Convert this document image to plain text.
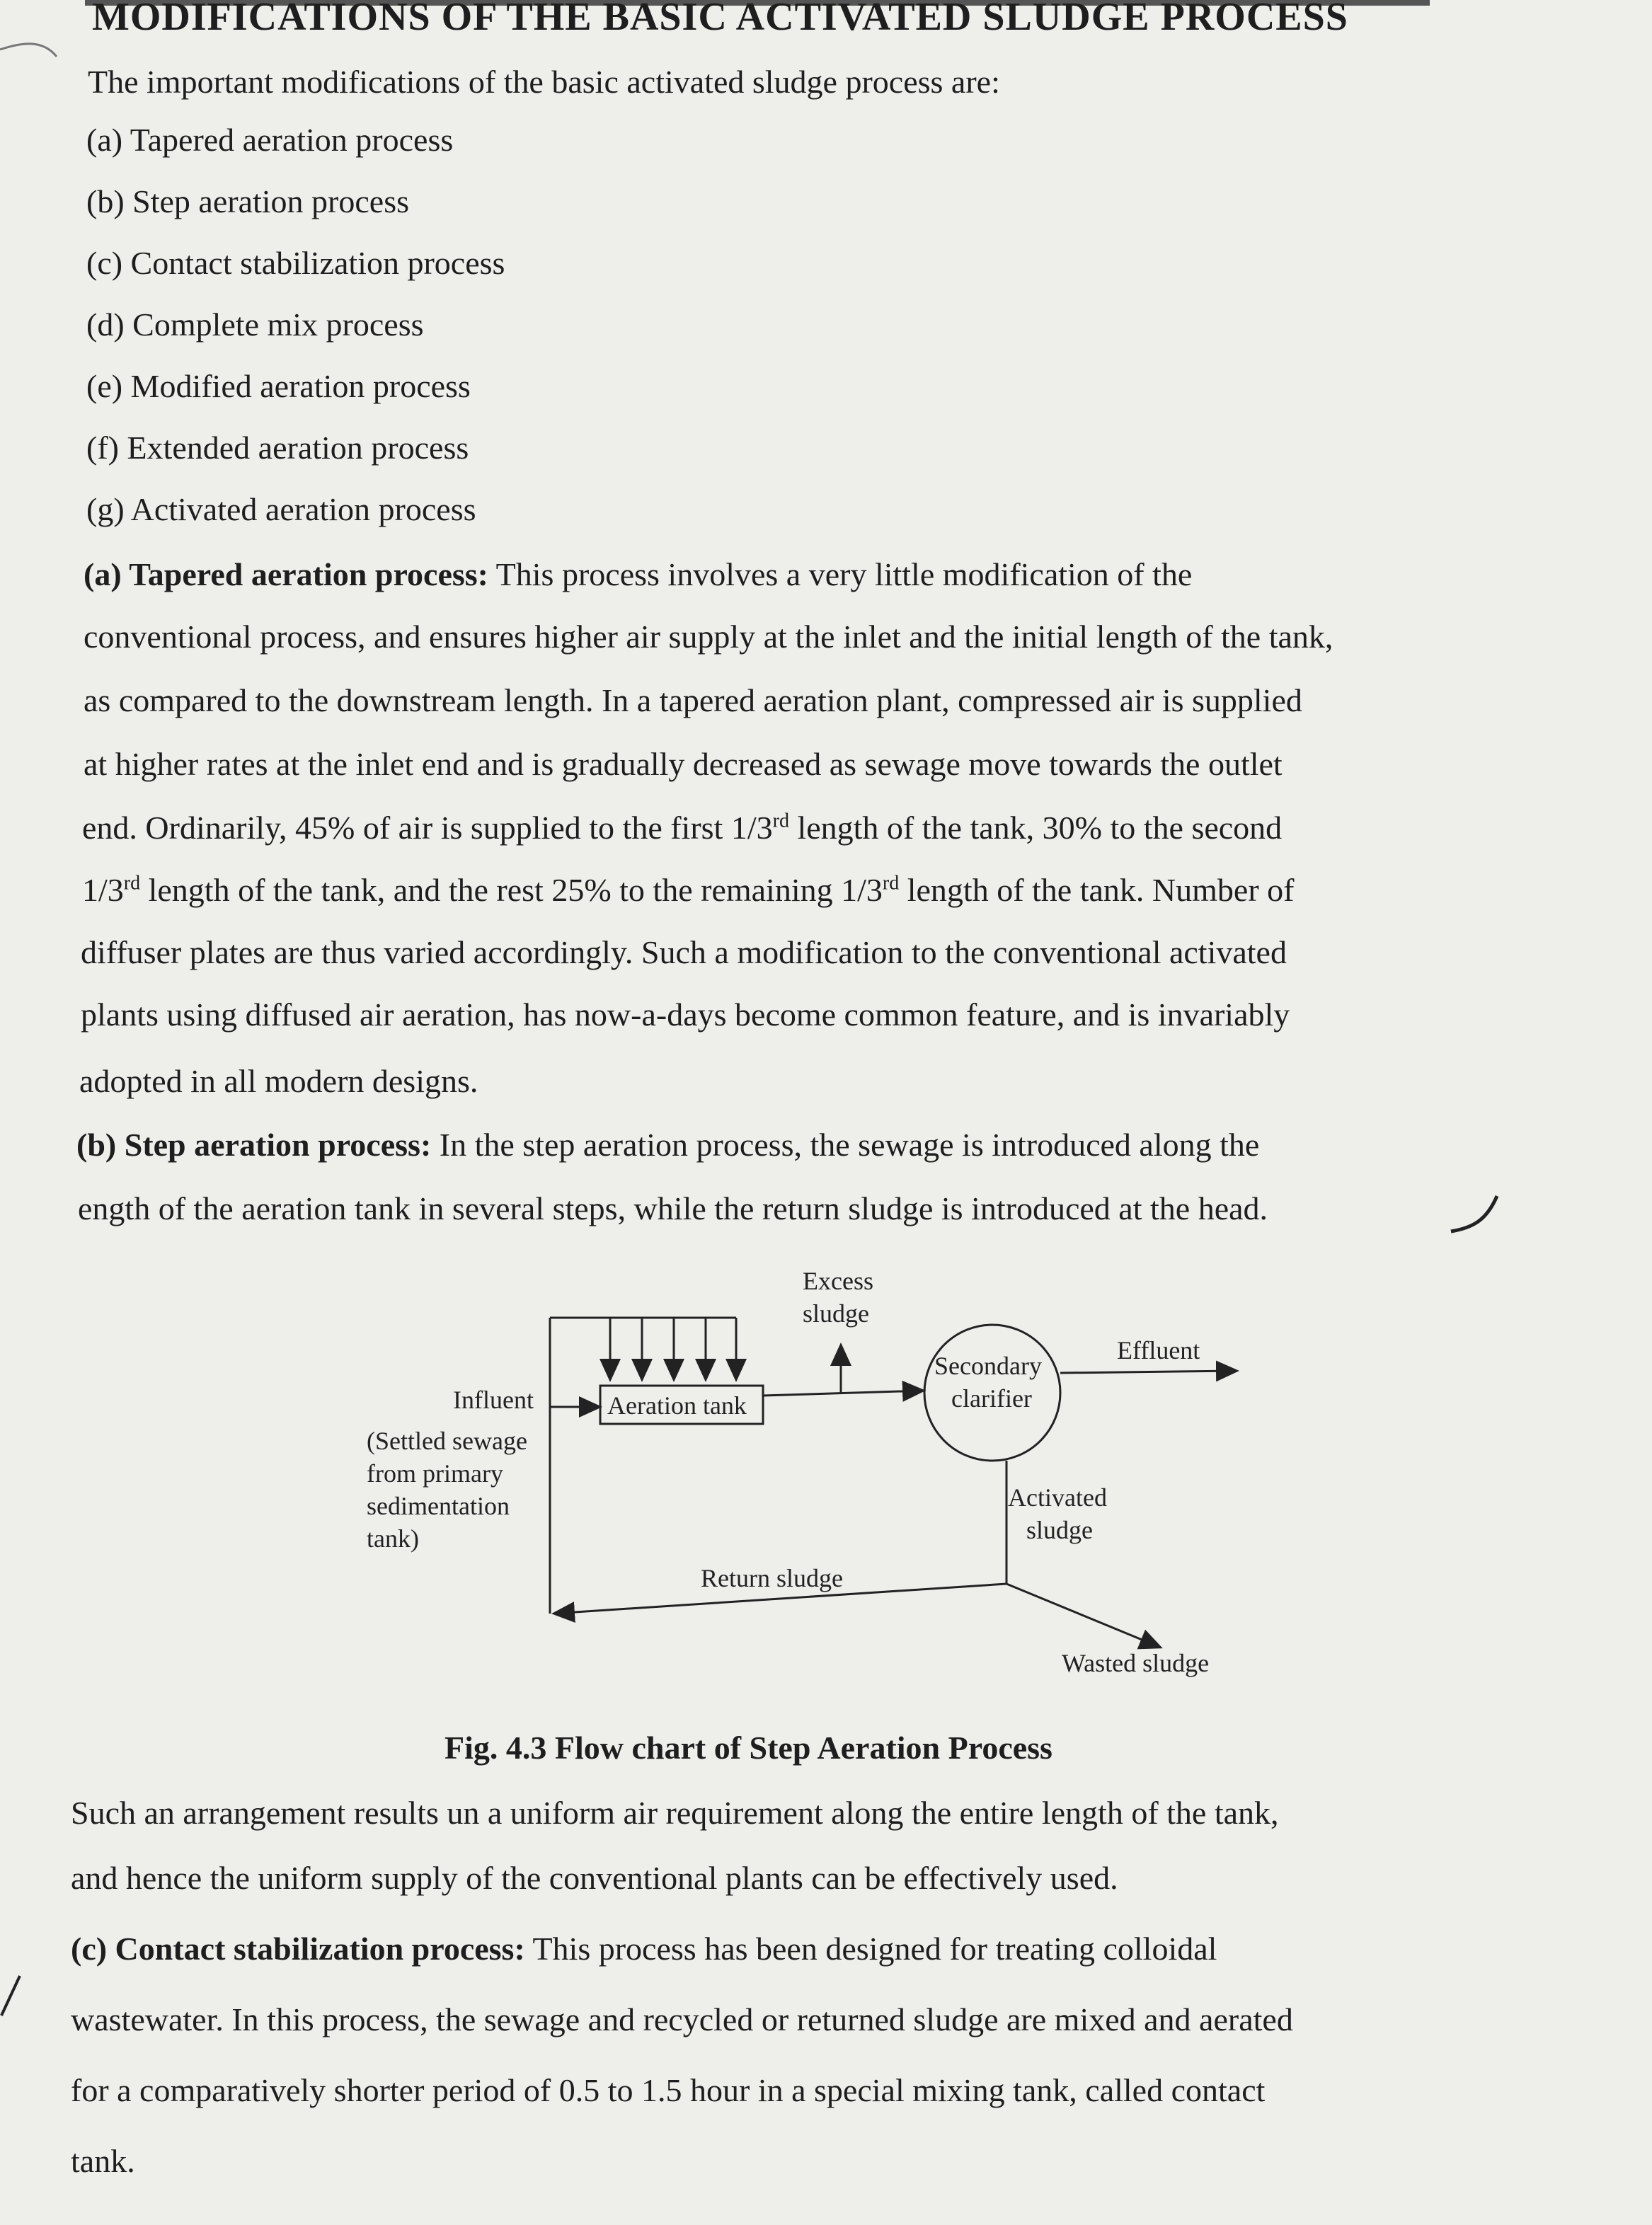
MODIFICATIONS OF THE BASIC ACTIVATED SLUDGE PROCESS
The important modifications of the basic activated sludge process are:
(a) Tapered aeration process
(b) Step aeration process
(c) Contact stabilization process
(d) Complete mix process
(e) Modified aeration process
(f) Extended aeration process
(g) Activated aeration process
(a) Tapered aeration process: This process involves a very little modification of the
conventional process, and ensures higher air supply at the inlet and the initial length of the tank,
as compared to the downstream length. In a tapered aeration plant, compressed air is supplied
at higher rates at the inlet end and is gradually decreased as sewage move towards the outlet
end. Ordinarily, 45% of air is supplied to the first 1/3rd length of the tank, 30% to the second
1/3rd length of the tank, and the rest 25% to the remaining 1/3rd length of the tank. Number of
diffuser plates are thus varied accordingly. Such a modification to the conventional activated
plants using diffused air aeration, has now-a-days become common feature, and is invariably
adopted in all modern designs.
(b) Step aeration process: In the step aeration process, the sewage is introduced along the
ength of the aeration tank in several steps, while the return sludge is introduced at the head.
Excess
sludge
Influent	Aeration tank
Secondary
clarifier
Effluent
(Settled sewage
from primary
sedimentation
tank)
Activated
sludge
Return sludge
Wasted sludge
Fig. 4.3 Flow chart of Step Aeration Process
Such an arrangement results un a uniform air requirement along the entire length of the tank,
and hence the uniform supply of the conventional plants can be effectively used.
(c) Contact stabilization process: This process has been designed for treating colloidal
wastewater. In this process, the sewage and recycled or returned sludge are mixed and aerated
for a comparatively shorter period of 0.5 to 1.5 hour in a special mixing tank, called contact
tank.
